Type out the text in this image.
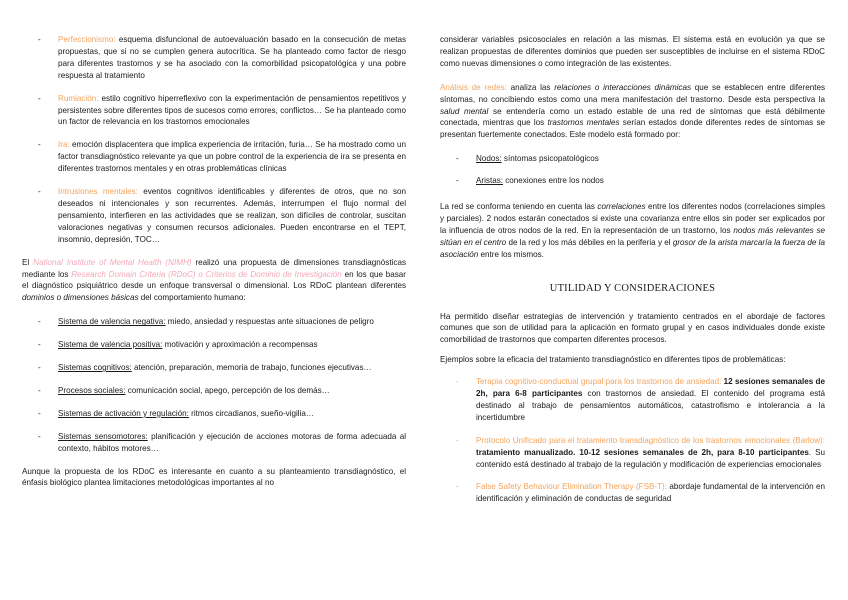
- Perfeccionismo: esquema disfuncional de autoevaluación basado en la consecución de metas propuestas, que si no se cumplen genera autocrítica. Se ha planteado como factor de riesgo para diferentes trastornos y se ha asociado con la comorbilidad psicopatológica y una pobre respuesta al tratamiento
- Rumiación: estilo cognitivo hiperreflexivo con la experimentación de pensamientos repetitivos y persistentes sobre diferentes tipos de sucesos como errores, conflictos… Se ha planteado como un factor de relevancia en los trastornos emocionales
- Ira: emoción displacentera que implica experiencia de irritación, furia… Se ha mostrado como un factor transdiagnóstico relevante ya que un pobre control de la experiencia de ira se presenta en diferentes trastornos mentales y en otras problemáticas clínicas
- Intrusiones mentales: eventos cognitivos identificables y diferentes de otros, que no son deseados ni intencionales y son recurrentes. Además, interrumpen el flujo normal del pensamiento, interfieren en las actividades que se realizan, son difíciles de controlar, suscitan valoraciones negativas y consumen recursos adicionales. Pueden encontrarse en el TEPT, insomnio, depresión, TOC…

El National Institute of Mental Health (NIMH) realizó una propuesta de dimensiones transdiagnósticas mediante los Research Domain Criteria (RDoC) o Criterios de Dominio de Investigación en los que basar el diagnóstico psiquiátrico desde un enfoque transversal o dimensional. Los RDoC plantean diferentes dominios o dimensiones básicas del comportamiento humano:

- Sistema de valencia negativa: miedo, ansiedad y respuestas ante situaciones de peligro
- Sistema de valencia positiva: motivación y aproximación a recompensas
- Sistemas cognitivos: atención, preparación, memoria de trabajo, funciones ejecutivas…
- Procesos sociales: comunicación social, apego, percepción de los demás…
- Sistemas de activación y regulación: ritmos circadianos, sueño-vigilia…
- Sistemas sensomotores: planificación y ejecución de acciones motoras de forma adecuada al contexto, hábitos motores…

Aunque la propuesta de los RDoC es interesante en cuanto a su planteamiento transdiagnóstico, el énfasis biológico plantea limitaciones metodológicas importantes al no

considerar variables psicosociales en relación a las mismas. El sistema está en evolución ya que se realizan propuestas de diferentes dominios que pueden ser susceptibles de incluirse en el sistema RDoC como nuevas dimensiones o como integración de las existentes.

Análisis de redes: analiza las relaciones o interacciones dinámicas que se establecen entre diferentes síntomas, no concibiendo estos como una mera manifestación del trastorno. Desde esta perspectiva la salud mental se entendería como un estado estable de una red de síntomas que está débilmente conectada, mientras que los trastornos mentales serían estados donde diferentes redes de síntomas se presentan fuertemente conectados. Este modelo está formado por:

- Nodos: síntomas psicopatológicos
- Aristas: conexiones entre los nodos

La red se conforma teniendo en cuenta las correlaciones entre los diferentes nodos (correlaciones simples y parciales). 2 nodos estarán conectados si existe una covarianza entre ellos sin poder ser explicados por la influencia de otros nodos de la red. En la representación de un trastorno, los nodos más relevantes se sitúan en el centro de la red y los más débiles en la periferia y el grosor de la arista marcaría la fuerza de la asociación entre los mismos.

UTILIDAD Y CONSIDERACIONES

Ha permitido diseñar estrategias de intervención y tratamiento centrados en el abordaje de factores comunes que son de utilidad para la aplicación en formato grupal y en casos individuales donde existe comorbilidad de trastornos que comparten diferentes procesos.

Ejemplos sobre la eficacia del tratamiento transdiagnóstico en diferentes tipos de problemáticas:

- Terapia cognitivo-conductual grupal para los trastornos de ansiedad: 12 sesiones semanales de 2h, para 6-8 participantes con trastornos de ansiedad. El contenido del programa está destinado al trabajo de pensamientos automáticos, catastrofismo e intolerancia a la incertidumbre
- Protocolo Unificado para el tratamiento transdiagnóstico de los trastornos emocionales (Barlow): tratamiento manualizado. 10-12 sesiones semanales de 2h, para 8-10 participantes. Su contenido está destinado al trabajo de la regulación y modificación de experiencias emocionales
- False Safety Behaviour Elimination Therapy (FSB-T): abordaje fundamental de la intervención en identificación y eliminación de conductas de seguridad
